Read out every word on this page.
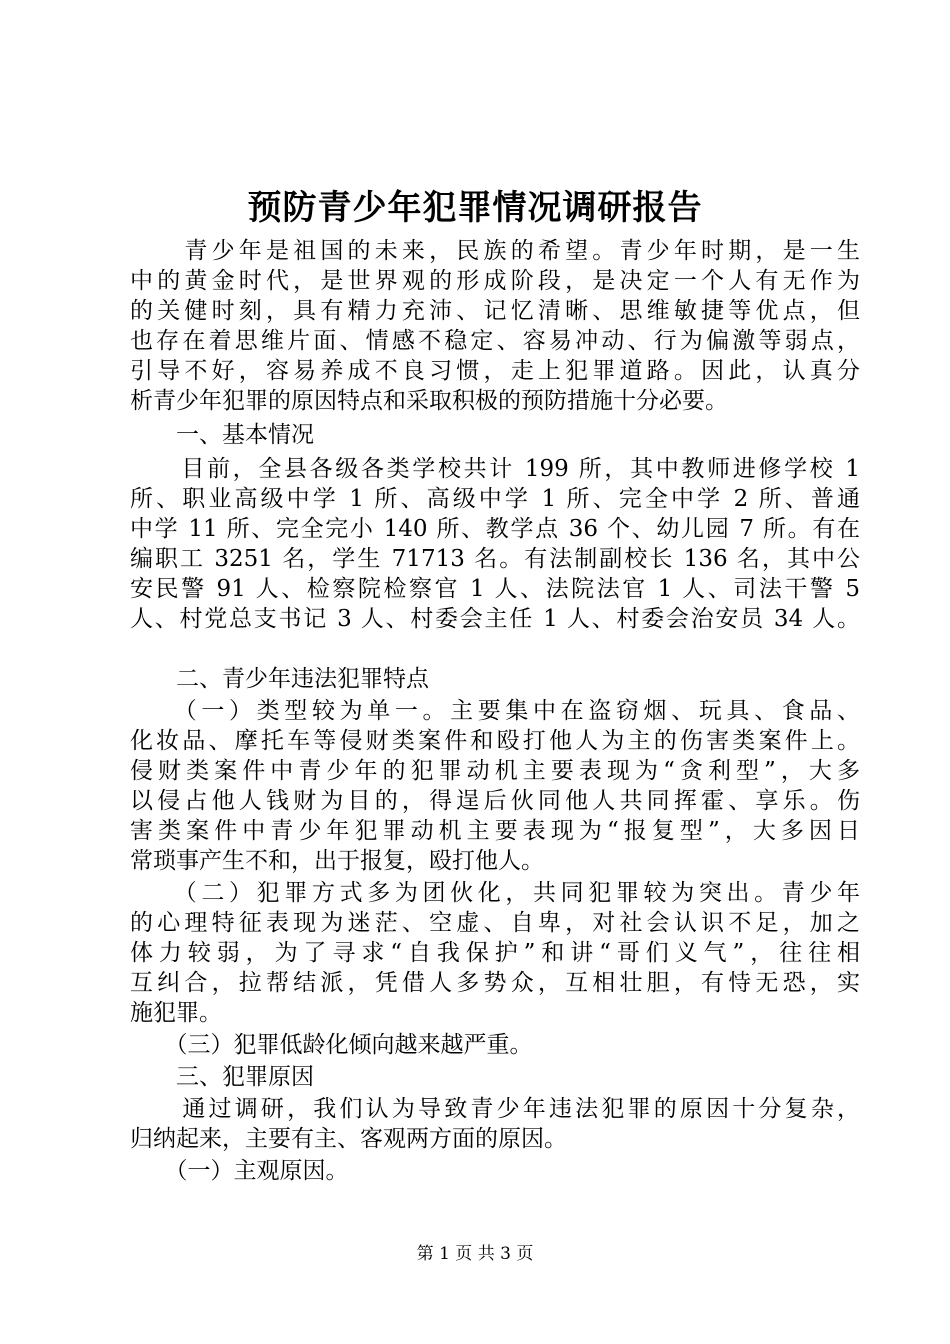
预防青少年犯罪情况调研报告
　　青少年是祖国的未来，民族的希望。青少年时期，是一生
中的黄金时代，是世界观的形成阶段，是决定一个人有无作为
的关健时刻，具有精力充沛、记忆清晰、思维敏捷等优点，但
也存在着思维片面、情感不稳定、容易冲动、行为偏激等弱点，
引导不好，容易养成不良习惯，走上犯罪道路。因此，认真分
析青少年犯罪的原因特点和采取积极的预防措施十分必要。
　　一、基本情况
　　目前，全县各级各类学校共计 199 所，其中教师进修学校 1
所、职业高级中学 1 所、高级中学 1 所、完全中学 2 所、普通
中学 11 所、完全完小 140 所、教学点 36 个、幼儿园 7 所。有在
编职工 3251 名，学生 71713 名。有法制副校长 136 名，其中公
安民警 91 人、检察院检察官 1 人、法院法官 1 人、司法干警 5
人、村党总支书记 3 人、村委会主任 1 人、村委会治安员 34 人。
　　二、青少年违法犯罪特点
　　（一）类型较为单一。主要集中在盗窃烟、玩具、食品、
化妆品、摩托车等侵财类案件和殴打他人为主的伤害类案件上。
侵财类案件中青少年的犯罪动机主要表现为“贪利型”，大多
以侵占他人钱财为目的，得逞后伙同他人共同挥霍、享乐。伤
害类案件中青少年犯罪动机主要表现为“报复型”，大多因日
常琐事产生不和，出于报复，殴打他人。
　　（二）犯罪方式多为团伙化，共同犯罪较为突出。青少年
的心理特征表现为迷茫、空虚、自卑，对社会认识不足，加之
体力较弱，为了寻求“自我保护”和讲“哥们义气”，往往相
互纠合，拉帮结派，凭借人多势众，互相壮胆，有恃无恐，实
施犯罪。
　　（三）犯罪低龄化倾向越来越严重。
　　三、犯罪原因
　　通过调研，我们认为导致青少年违法犯罪的原因十分复杂，
归纳起来，主要有主、客观两方面的原因。
　　（一）主观原因。
第 1 页 共 3 页
